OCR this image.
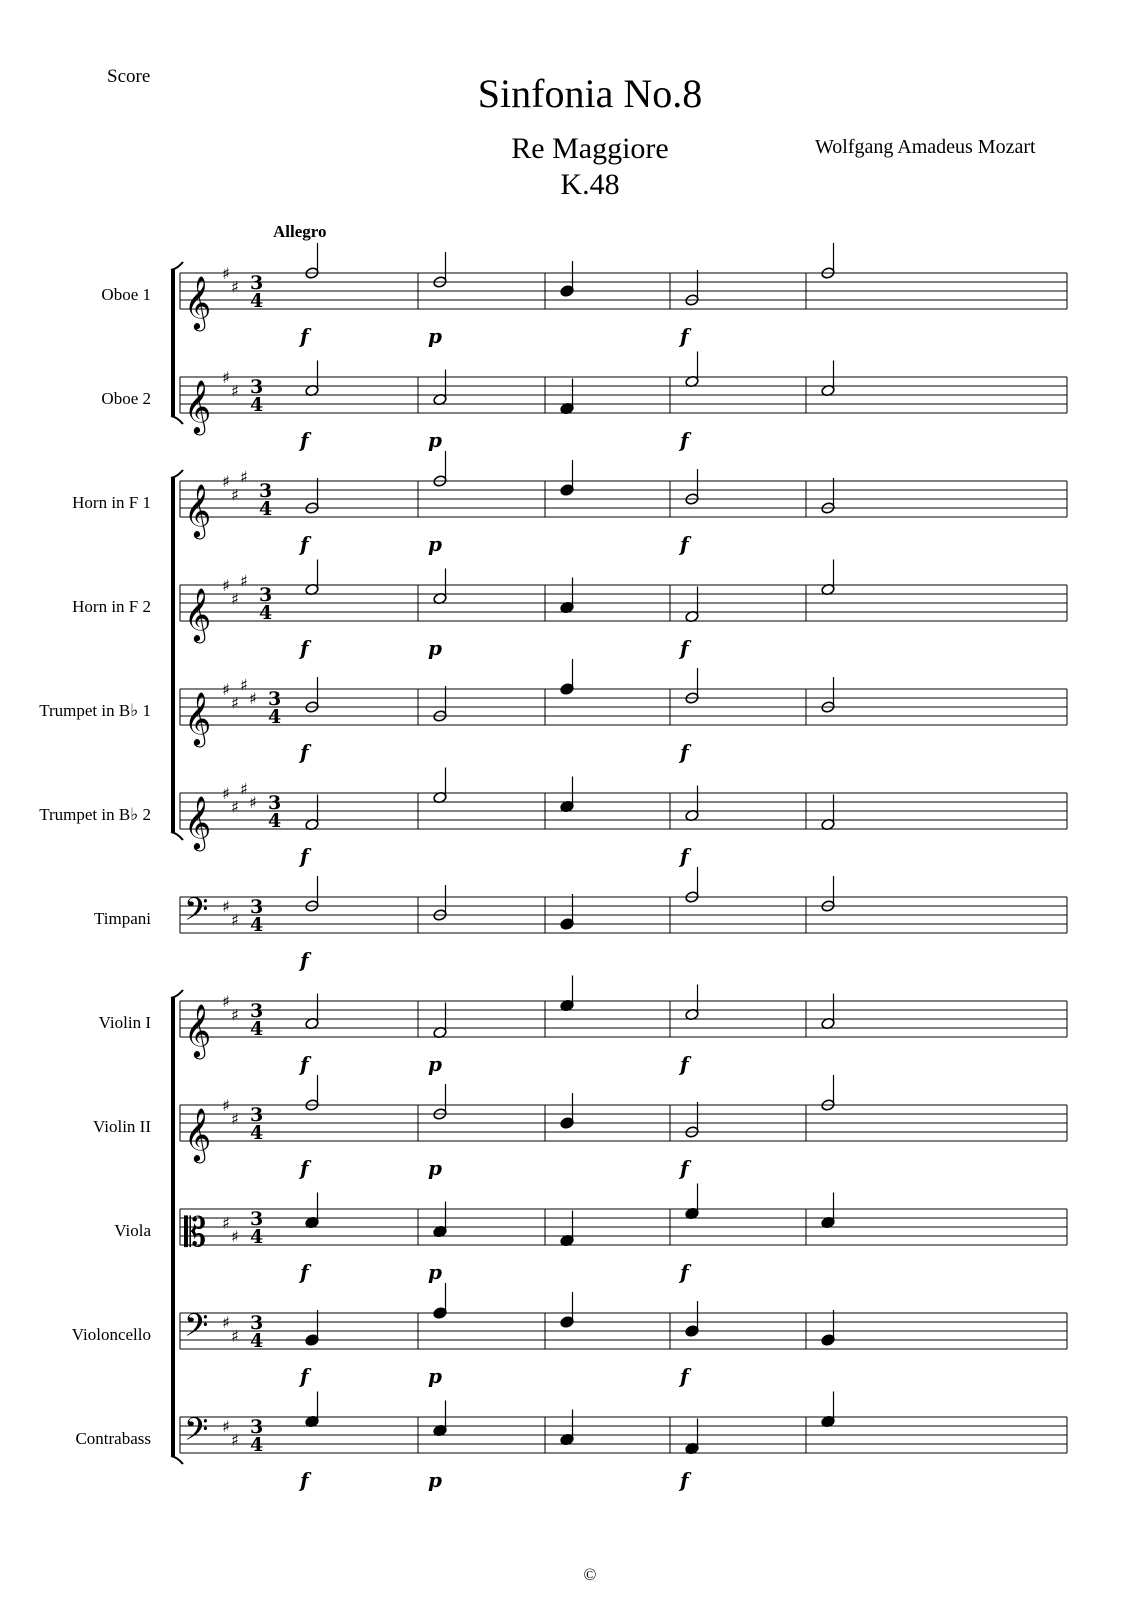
Score	Sinfonia No.8
Re Maggiore
K.48
Wolfgang Amadeus Mozart
Allegro
Oboe 1
Oboe 2
Horn in F 1
Horn in F 2
Trumpet in B♭ 1
Trumpet in B♭ 2
Timpani
Violin I
Violin II
Viola
Violoncello
Contrabass
𝄞
♯
♯ 3
4
f	p	f
𝄞
♯
♯ 3
4
f	p	f
𝄞
♯
♯
♯
3
4
f	p	f
𝄞
♯
♯
♯
3
4
f	p	f
𝄞
♯
♯
♯
♯ 3
4
f	f
𝄞
♯
♯
♯
♯ 3
4
f	f
𝄢 ♯
♯
3
4
f
𝄞
♯
♯ 3
4
f	p	f
𝄞
♯
♯ 3
4
f	p	f
𝄡 ♯
♯
3
4
f	p	f
𝄢 ♯
♯
3
4
f	p	f
𝄢 ♯
♯
3
4
f	p	f
©
